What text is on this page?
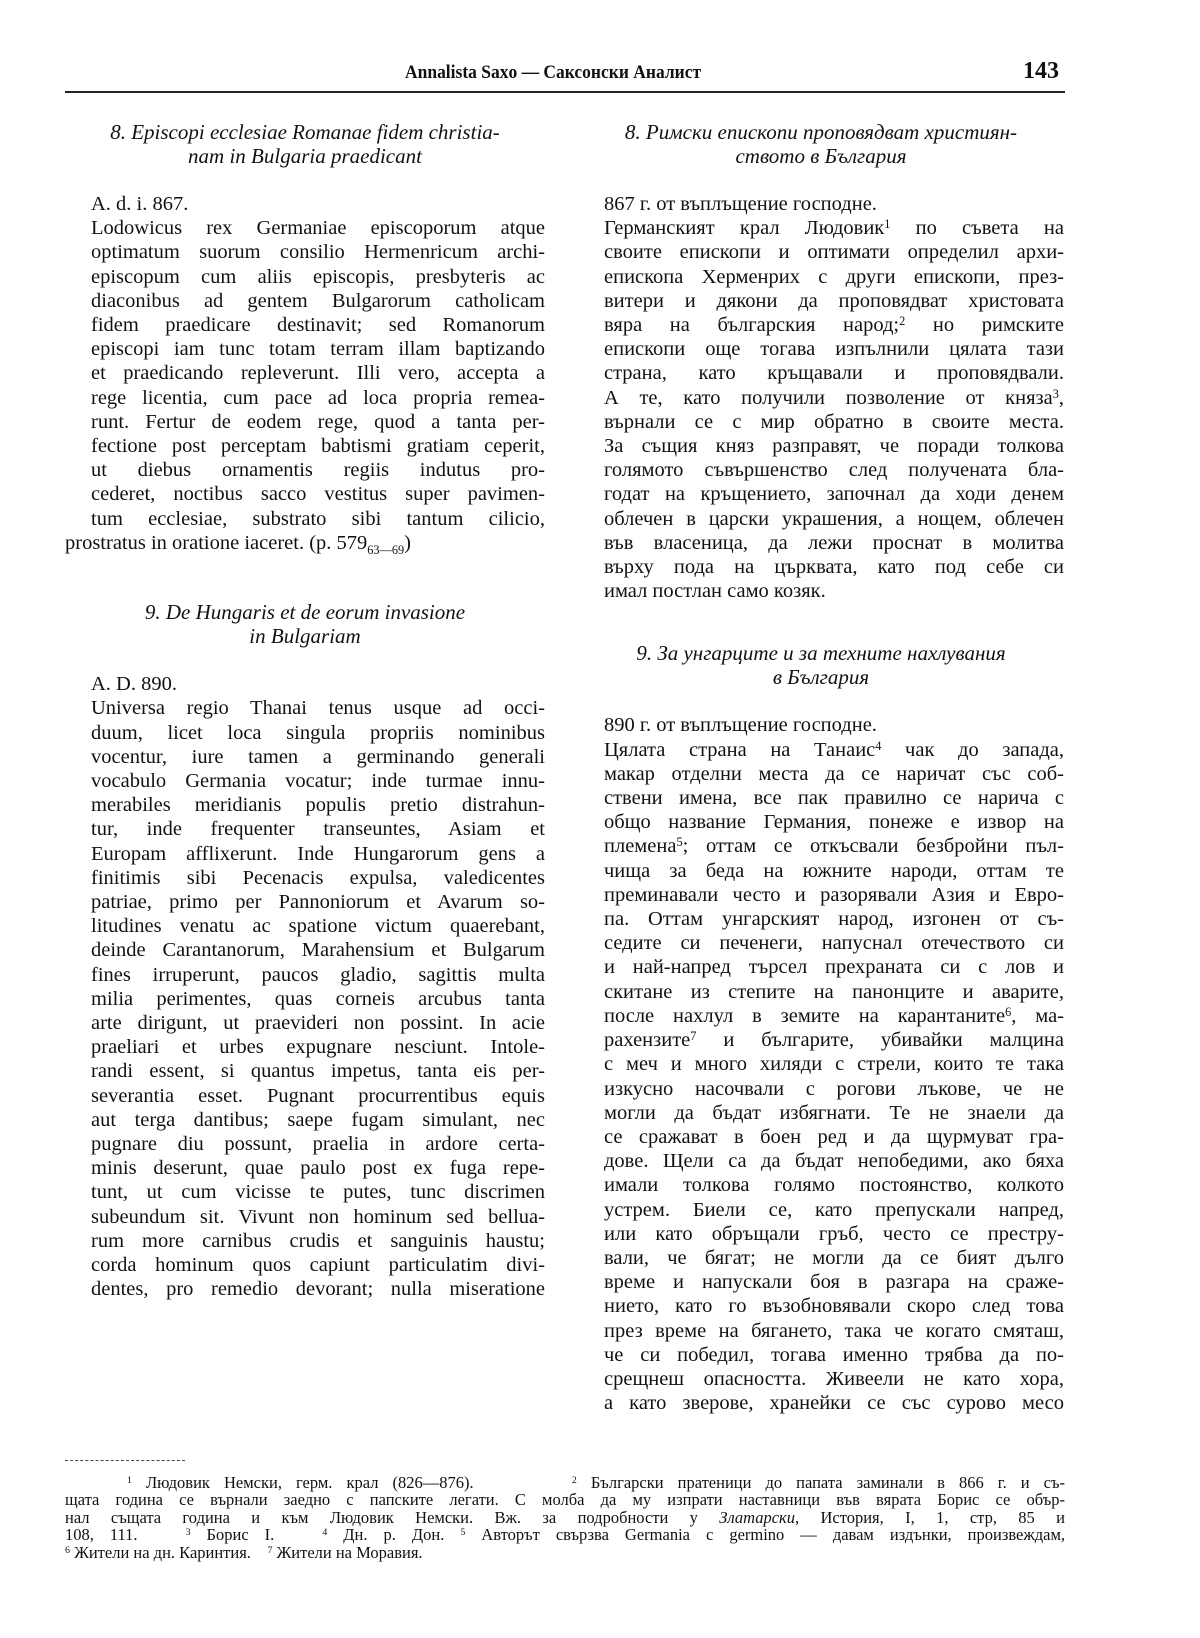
Annalista Saxo — Саксонски Аналист	143
8. Episcopi ecclesiae Romanae fidem christia-
nam in Bulgaria praedicant
A. d. i. 867.
Lodowicus rex Germaniae episcoporum atque
optimatum suorum consilio Hermenricum archi-
episcopum cum aliis episcopis, presbyteris ac
diaconibus ad gentem Bulgarorum catholicam
fidem praedicare destinavit; sed Romanorum
episcopi iam tunc totam terram illam baptizando
et praedicando repleverunt. Illi vero, accepta a
rege licentia, cum pace ad loca propria remea-
runt. Fertur de eodem rege, quod a tanta per-
fectione post perceptam babtismi gratiam ceperit,
ut diebus ornamentis regiis indutus pro-
cederet, noctibus sacco vestitus super pavimen-
tum ecclesiae, substrato sibi tantum cilicio,
prostratus in oratione iaceret. (p. $579_{63—69}$)
9. De Hungaris et de eorum invasione
in Bulgariam
A. D. 890.
Universa regio Thanai tenus usque ad occi-
duum, licet loca singula propriis nominibus
vocentur, iure tamen a germinando generali
vocabulo Germania vocatur; inde turmae innu-
merabiles meridianis populis pretio distrahun-
tur, inde frequenter transeuntes, Asiam et
Europam afflixerunt. Inde Hungarorum gens a
finitimis sibi Pecenacis expulsa, valedicentes
patriae, primo per Pannoniorum et Avarum so-
litudines venatu ac spatione victum quaerebant,
deinde Carantanorum, Marahensium et Bulgarum
fines irruperunt, paucos gladio, sagittis multa
milia perimentes, quas corneis arcubus tanta
arte dirigunt, ut praevideri non possint. In acie
praeliari et urbes expugnare nesciunt. Intole-
randi essent, si quantus impetus, tanta eis per-
severantia esset. Pugnant procurrentibus equis
aut terga dantibus; saepe fugam simulant, nec
pugnare diu possunt, praelia in ardore certa-
minis deserunt, quae paulo post ex fuga repe-
tunt, ut cum vicisse te putes, tunc discrimen
subeundum sit. Vivunt non hominum sed bellua-
rum more carnibus crudis et sanguinis haustu;
corda hominum quos capiunt particulatim divi-
dentes, pro remedio devorant; nulla miseratione
8. Римски епископи проповядват християн-
ството в България
867 г. от въплъщение господне.
Германският крал Людовик$^1$ по съвета на
своите епископи и оптимати определил архи-
епископа Херменрих с други епископи, през-
витери и дякони да проповядват христовата
вяра на българския народ;$^2$ но римските
епископи още тогава изпълнили цялата тази
страна, като кръщавали и проповядвали.
А те, като получили позволение от княза$^3$,
върнали се с мир обратно в своите места.
За същия княз разправят, че поради толкова
голямото съвършенство след получената бла-
годат на кръщението, започнал да ходи денем
облечен в царски украшения, а нощем, облечен
във власеница, да лежи проснат в молитва
върху пода на църквата, като под себе си
имал постлан само козяк.
9. За унгарците и за техните нахлувания
в България
890 г. от въплъщение господне.
Цялата страна на Танаис$^4$ чак до запада,
макар отделни места да се наричат със соб-
ствени имена, все пак правилно се нарича с
общо название Германия, понеже е извор на
племена$^5$; оттам се откъсвали безбройни пъл-
чища за беда на южните народи, оттам те
преминавали често и разорявали Азия и Евро-
па. Оттам унгарският народ, изгонен от съ-
седите си печенеги, напуснал отечеството си
и най-напред търсел прехраната си с лов и
скитане из степите на панонците и аварите,
после нахлул в земите на карантаните$^6$, ма-
рахензите$^7$ и българите, убивайки малцина
с меч и много хиляди с стрели, които те така
изкусно насочвали с рогови лъкове, че не
могли да бъдат избягнати. Те не знаели да
се сражават в боен ред и да щурмуват гра-
дове. Щели са да бъдат непобедими, ако бяха
имали толкова голямо постоянство, колкото
устрем. Биели се, като препускали напред,
или като обръщали гръб, често се престру-
вали, че бягат; не могли да се бият дълго
време и напускали боя в разгара на сраже-
нието, като го възобновявали скоро след това
през време на бягането, така че когато смяташ,
че си победил, тогава именно трябва да по-
срещнеш опасността. Живеели не като хора,
а като зверове, хранейки се със сурово месо
$^1$ Людовик Немски, герм. крал (826—876).	$^2$ Български пратеници до папата заминали в 866 г. и съ-
щата година се върнали заедно с папските легати. С молба да му изпрати наставници във вярата Борис се обър-
нал същата година и към Людовик Немски. Вж. за подробности у Златарски, История, I, 1, стр, 85 и
108, 111.	$^3$ Борис I.	$^4$ Дн. р. Дон. $^5$ Авторът свързва Germania с germino — давам издънки, произвеждам,
$^6$ Жители на дн. Каринтия. $^7$ Жители на Моравия.
